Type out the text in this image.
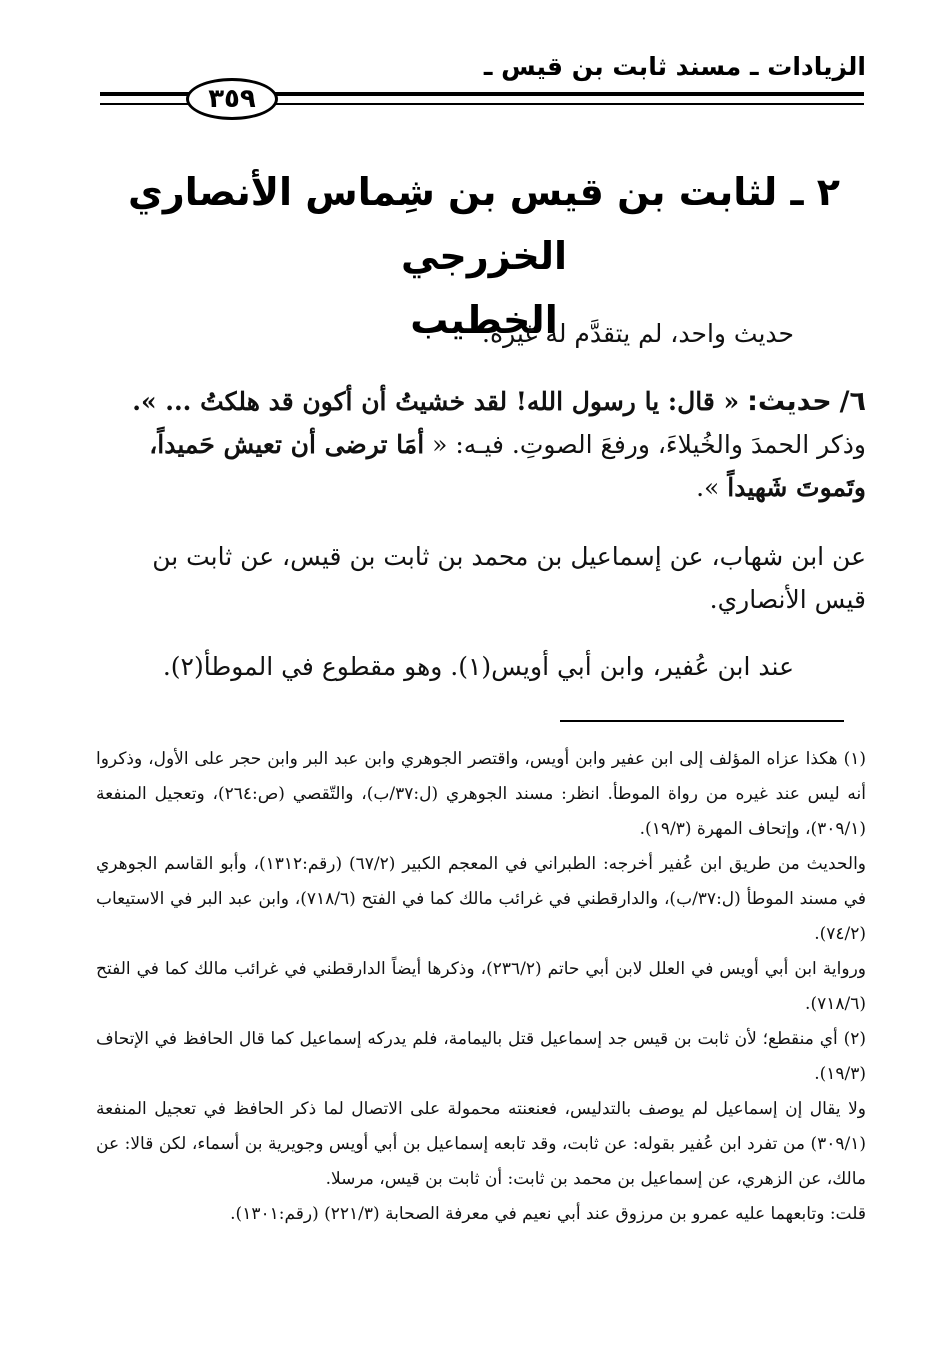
الزيادات ـ مسند ثابت بن قيس ـ
٣٥٩
٢ ـ لثابت بن قيس بن شِماس الأنصاري الخزرجي
الخطيب
حديث واحد، لم يتقدَّم له غيره.
٦/ حديث: « قال: يا رسول الله! لقد خشيتُ أن أكون قد هلكتُ ... ». وذكر الحمدَ والخُيلاءَ، ورفعَ الصوتِ. فيـه: « أمَا ترضى أن تعيش حَميداً، وتَموتَ شَهيداً ».
عن ابن شهاب، عن إسماعيل بن محمد بن ثابت بن قيس، عن ثابت بن قيس الأنصاري.
عند ابن عُفير، وابن أبي أويس(١). وهو مقطوع في الموطأ(٢).

(١) هكذا عزاه المؤلف إلى ابن عفير وابن أويس، واقتصر الجوهري وابن عبد البر وابن حجر على الأول، وذكروا أنه ليس عند غيره من رواة الموطأ. انظر: مسند الجوهري (ل:٣٧/ب)، والتّقصي (ص:٢٦٤)، وتعجيل المنفعة (٣٠٩/١)، وإتحاف المهرة (١٩/٣).

والحديث من طريق ابن عُفير أخرجه: الطبراني في المعجم الكبير (٦٧/٢) (رقم:١٣١٢)، وأبو القاسم الجوهري في مسند الموطأ (ل:٣٧/ب)، والدارقطني في غرائب مالك كما في الفتح (٧١٨/٦)، وابن عبد البر في الاستيعاب (٧٤/٢).

ورواية ابن أبي أويس في العلل لابن أبي حاتم (٢٣٦/٢)، وذكرها أيضاً الدارقطني في غرائب مالك كما في الفتح (٧١٨/٦).

(٢) أي منقطع؛ لأن ثابت بن قيس جد إسماعيل قتل باليمامة، فلم يدركه إسماعيل كما قال الحافظ في الإتحاف (١٩/٣).

ولا يقال إن إسماعيل لم يوصف بالتدليس، فعنعنته محمولة على الاتصال لما ذكر الحافظ في تعجيل المنفعة (٣٠٩/١) من تفرد ابن عُفير بقوله: عن ثابت، وقد تابعه إسماعيل بن أبي أويس وجويرية بن أسماء، لكن قالا: عن مالك، عن الزهري، عن إسماعيل بن محمد بن ثابت: أن ثابت بن قيس، مرسلا.

قلت: وتابعهما عليه عمرو بن مرزوق عند أبي نعيم في معرفة الصحابة (٢٢١/٣) (رقم:١٣٠١).
